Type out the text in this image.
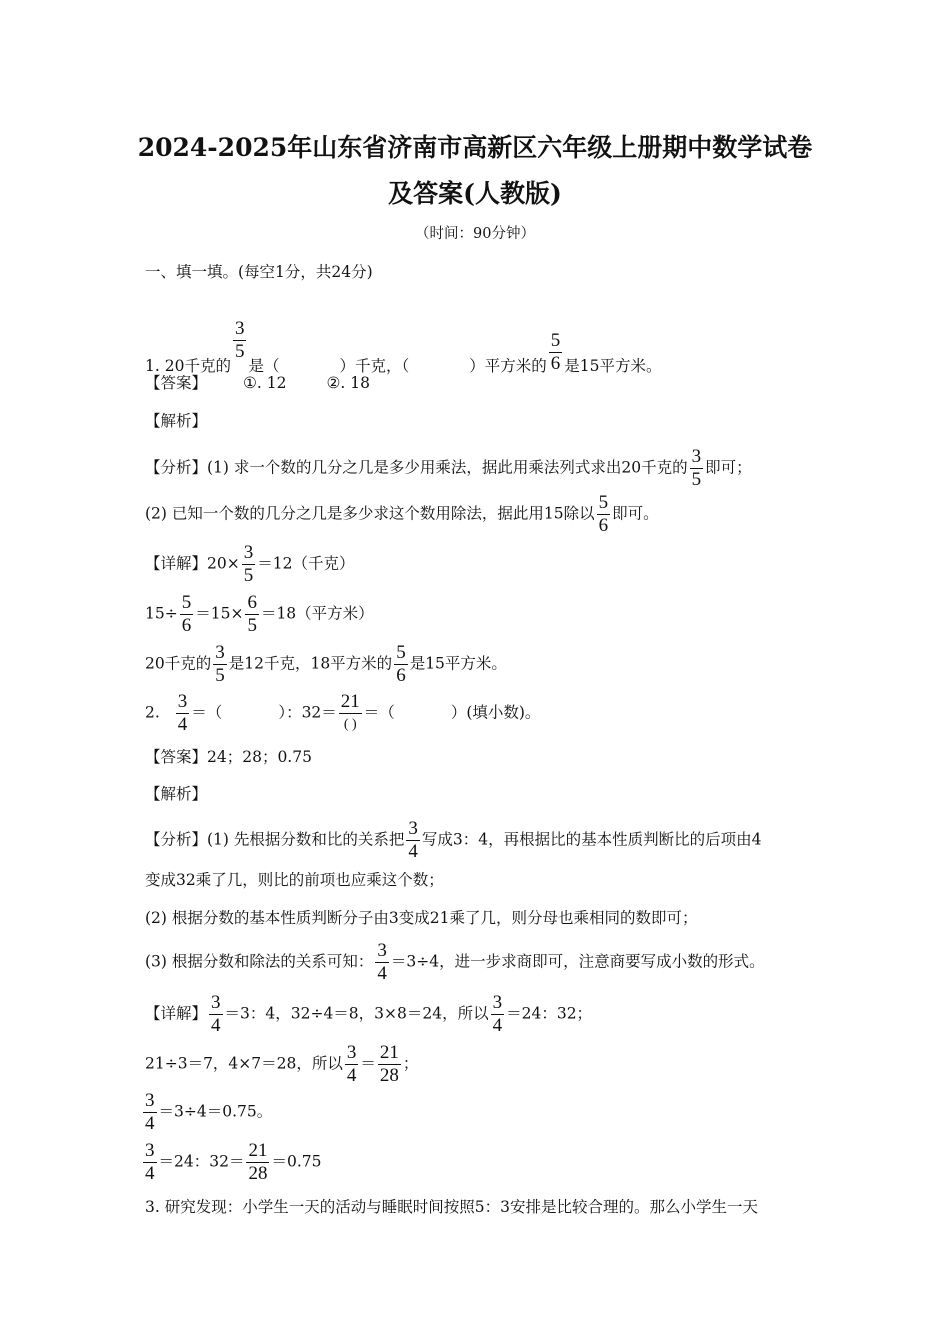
2024-2025年山东省济南市高新区六年级上册期中数学试卷
及答案(人教版)
（时间：90分钟）
一、填一填。(每空1分，共24分)
1. 20千克的
$\frac{3}{5}$
是（	）千克，（	）平方米的 $\frac{5}{6}$ 是15平方米。
【答案】 ①. 12	②. 18
【解析】
【分析】(1) 求一个数的几分之几是多少用乘法，据此用乘法列式求出20千克的 $\frac{3}{5}$ 即可；
(2) 已知一个数的几分之几是多少求这个数用除法，据此用15除以 $\frac{5}{6}$ 即可。
【详解】$20\times \frac{3}{5} =12$（千克）
$15\div \frac{5}{6} =15\times \frac{6}{5} =18$（平方米）
20千克的 $\frac{3}{5}$ 是12千克，18平方米的 $\frac{5}{6}$ 是15平方米。
2. $\frac{3}{4}$ ＝（	）：32＝
21
( )
＝（	）(填小数)。
【答案】24；28；0.75
【解析】
【分析】(1) 先根据分数和比的关系把 $\frac{3}{4}$ 写成3：4，再根据比的基本性质判断比的后项由4
变成32乘了几，则比的前项也应乘这个数；
(2) 根据分数的基本性质判断分子由3变成21乘了几，则分母也乘相同的数即可；
(3) 根据分数和除法的关系可知： $\frac{3}{4} =3\div 4$，进一步求商即可，注意商要写成小数的形式。
【详解】 $\frac{3}{4} =3$：4，32÷4＝8，3×8＝24，所以 $\frac{3}{4} =24$：32；
21÷3＝7，4×7＝28，所以 $\frac{3}{4} = \frac{21}{28}$ ；
$\frac{3}{4} =3\div 4=0.75$。
$\frac{3}{4} =24$：$32= \frac{21}{28} =0.75$
3. 研究发现：小学生一天的活动与睡眠时间按照5：3安排是比较合理的。那么小学生一天
